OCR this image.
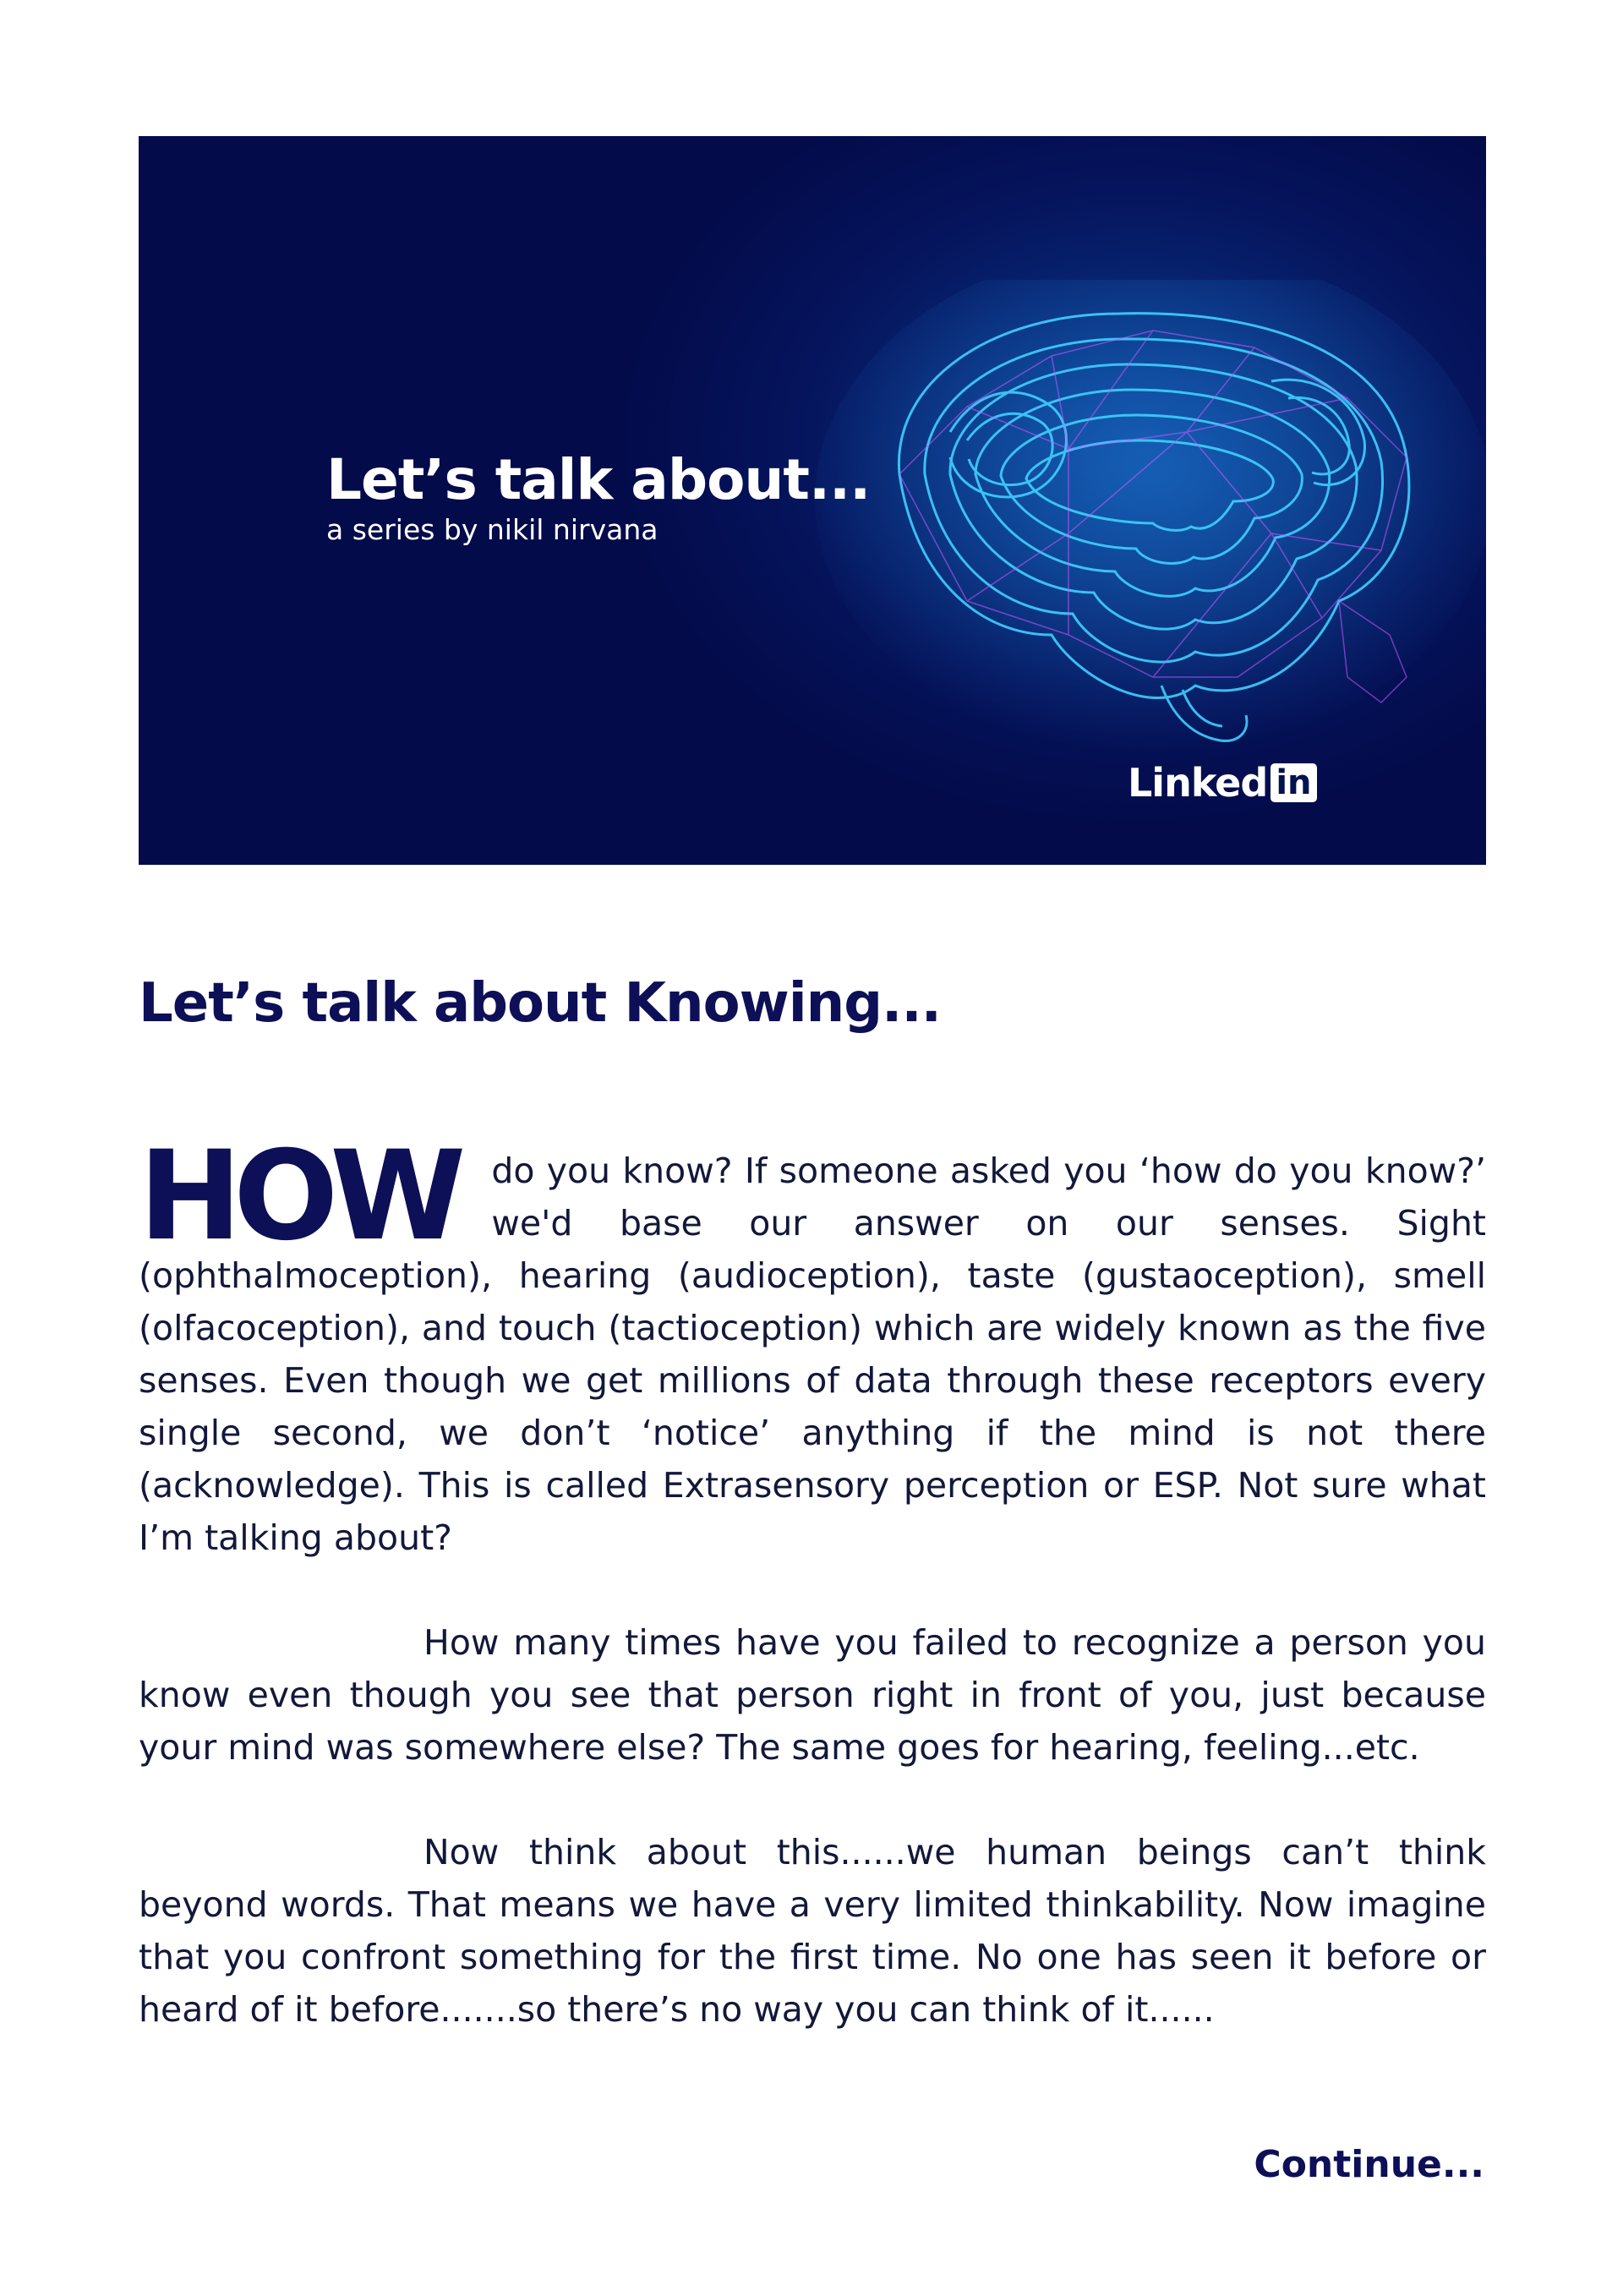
Let’s talk about...
a series by nikil nirvana
Linked in
Let’s talk about Knowing...

HOW do you know? If someone asked you ‘how do you know?’ we'd base our answer on our senses. Sight (ophthalmoception), hearing (audioception), taste (gustaoception), smell (olfacoception), and touch (tactioception) which are widely known as the five senses. Even though we get millions of data through these receptors every single second, we don’t ‘notice’ anything if the mind is not there (acknowledge). This is called Extrasensory perception or ESP. Not sure what I’m talking about?

How many times have you failed to recognize a person you know even though you see that person right in front of you, just because your mind was somewhere else? The same goes for hearing, feeling...etc.

Now think about this......we human beings can’t think beyond words. That means we have a very limited thinkability. Now imagine that you confront something for the first time. No one has seen it before or heard of it before.......so there’s no way you can think of it......

Continue...
